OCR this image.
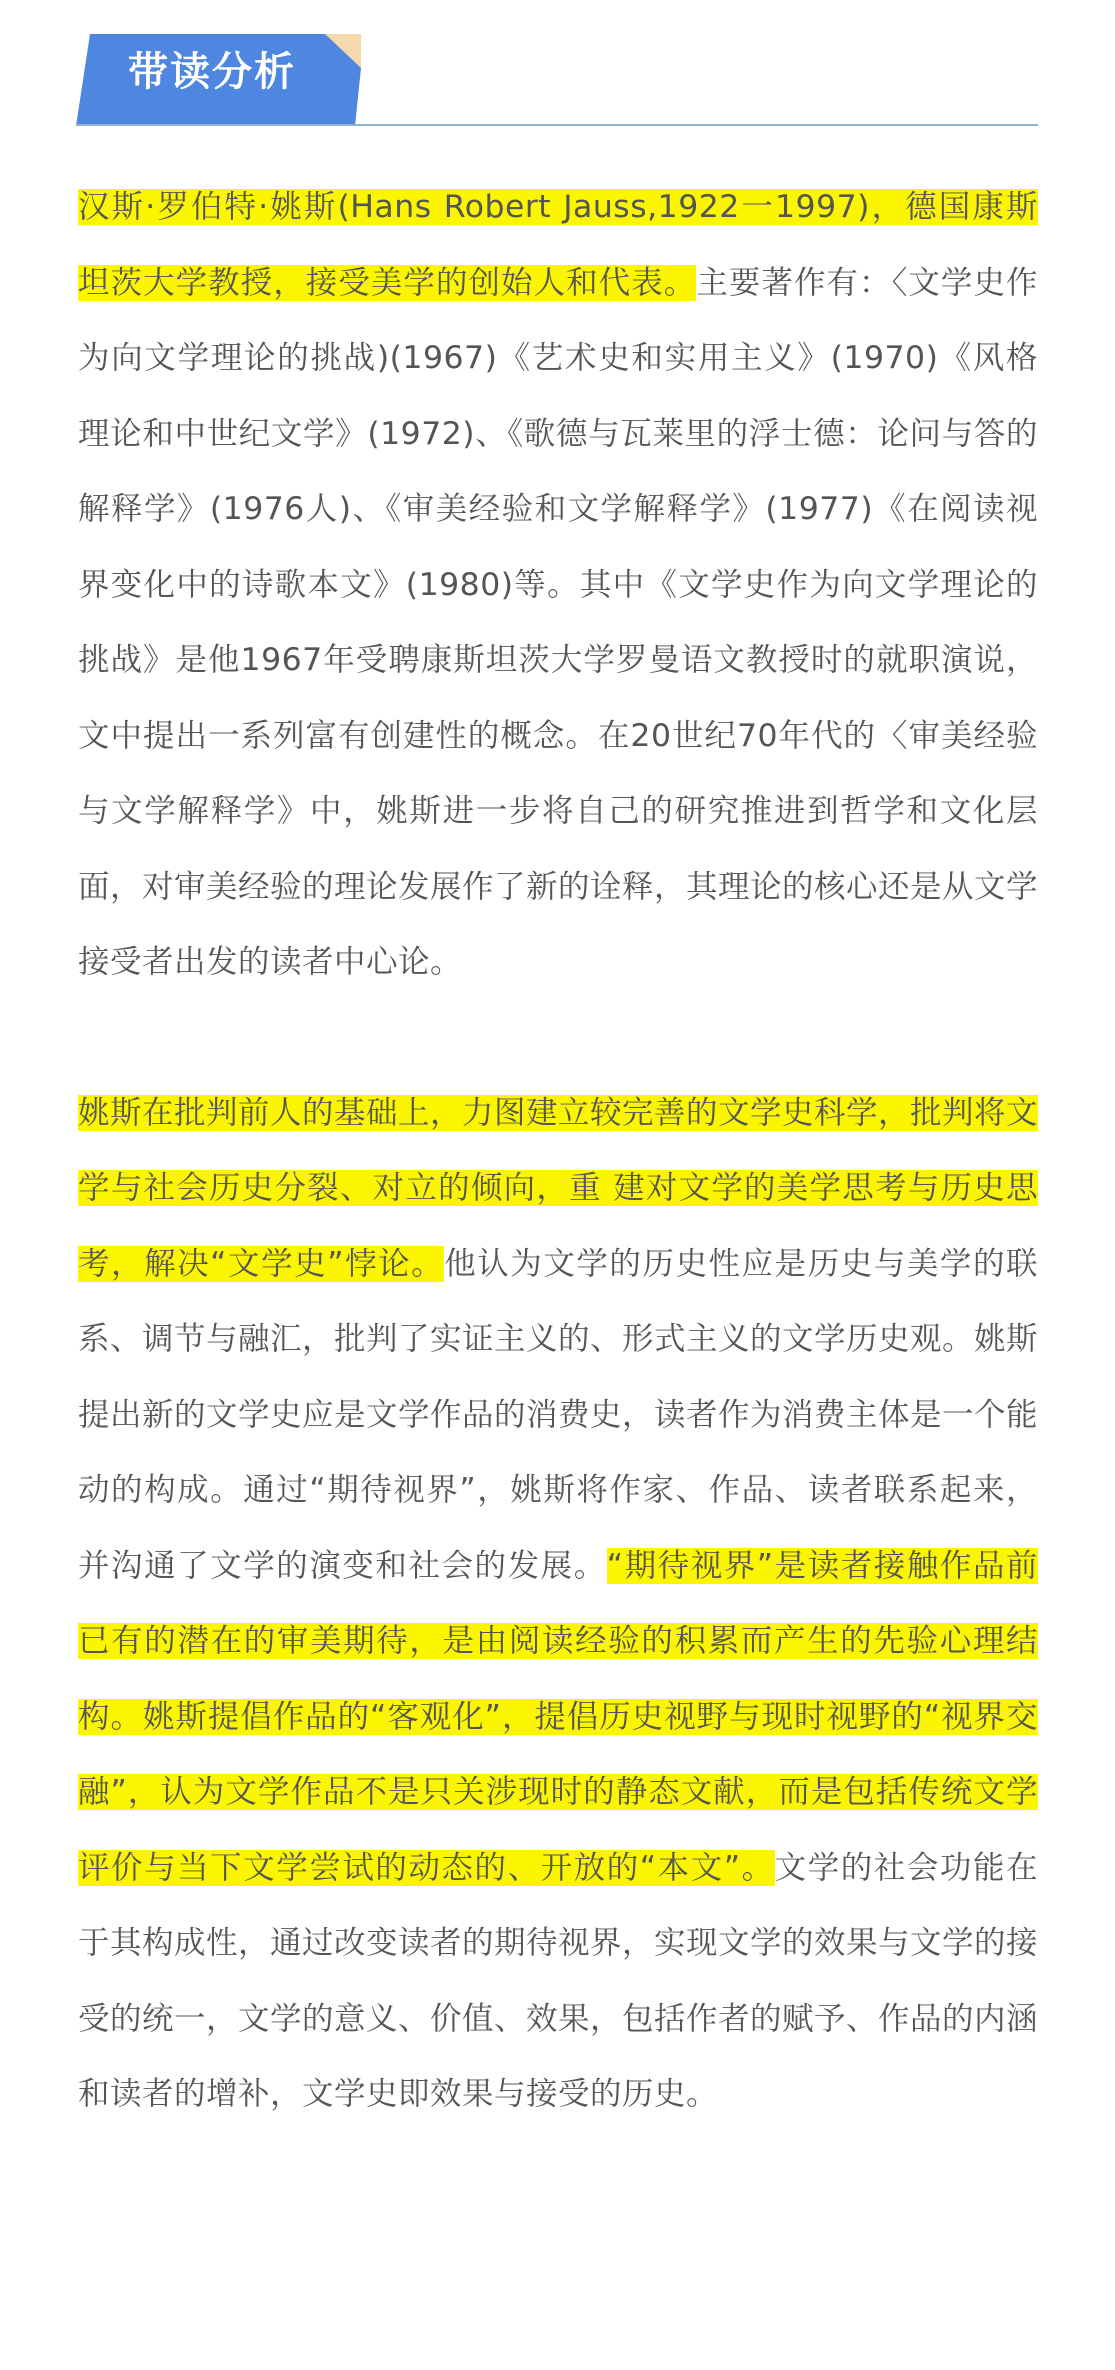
带读分析

汉斯·罗伯特·姚斯(Hans Robert Jauss,1922一1997)，德国康斯坦茨大学教授，接受美学的创始人和代表。主要著作有：〈文学史作为向文学理论的挑战)(1967)《艺术史和实用主义》(1970)《风格理论和中世纪文学》(1972)、《歌德与瓦莱里的浮士德：论问与答的解释学》(1976人)、《审美经验和文学解释学》(1977)《在阅读视界变化中的诗歌本文》(1980)等。其中《文学史作为向文学理论的挑战》是他1967年受聘康斯坦茨大学罗曼语文教授时的就职演说，文中提出一系列富有创建性的概念。在20世纪70年代的〈审美经验与文学解释学》中，姚斯进一步将自己的研究推进到哲学和文化层面，对审美经验的理论发展作了新的诠释，其理论的核心还是从文学接受者出发的读者中心论。

姚斯在批判前人的基础上，力图建立较完善的文学史科学，批判将文学与社会历史分裂、对立的倾向，重 建对文学的美学思考与历史思考，解决“文学史”悖论。他认为文学的历史性应是历史与美学的联系、调节与融汇，批判了实证主义的、形式主义的文学历史观。姚斯提出新的文学史应是文学作品的消费史，读者作为消费主体是一个能动的构成。通过“期待视界”，姚斯将作家、作品、读者联系起来，并沟通了文学的演变和社会的发展。“期待视界”是读者接触作品前已有的潜在的审美期待，是由阅读经验的积累而产生的先验心理结构。姚斯提倡作品的“客观化”，提倡历史视野与现时视野的“视界交融”，认为文学作品不是只关涉现时的静态文献，而是包括传统文学评价与当下文学尝试的动态的、开放的“本文”。文学的社会功能在于其构成性，通过改变读者的期待视界，实现文学的效果与文学的接受的统一，文学的意义、价值、效果，包括作者的赋予、作品的内涵和读者的增补，文学史即效果与接受的历史。
